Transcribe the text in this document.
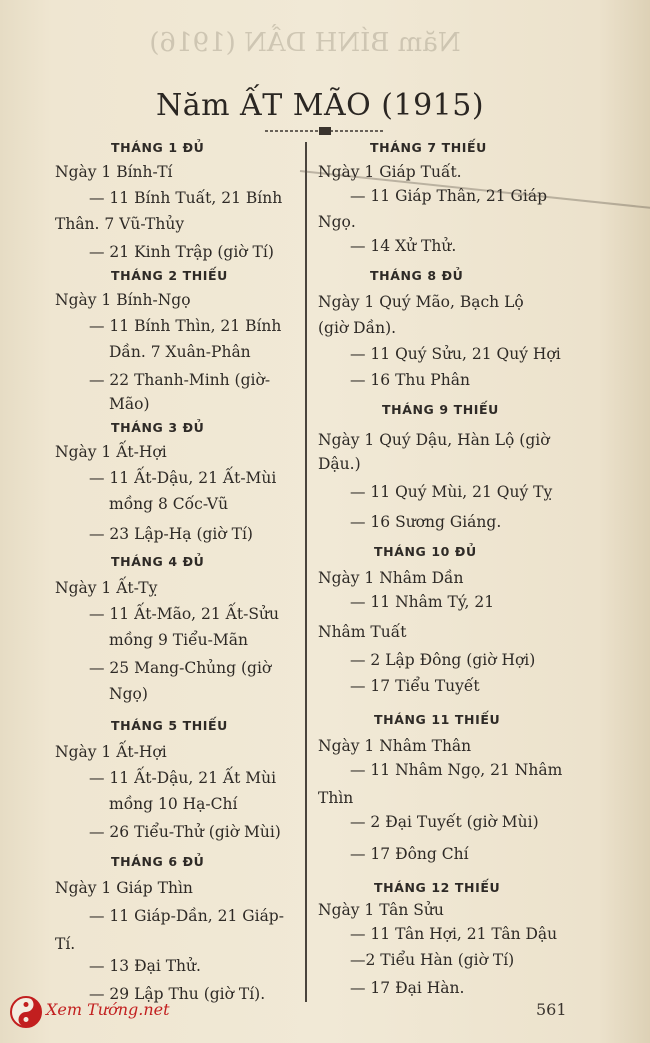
Năm BÍNH DẦN (1916)
Năm ẤT MÃO (1915)
THÁNG 1 ĐỦ
Ngày 1 Bính-Tí
— 11 Bính Tuất, 21 Bính
Thân. 7 Vũ-Thủy
— 21 Kinh Trập (giờ Tí)
THÁNG 2 THIẾU
Ngày 1 Bính-Ngọ
— 11 Bính Thìn, 21 Bính
Dần. 7 Xuân-Phân
— 22 Thanh-Minh (giờ-
Mão)
THÁNG 3 ĐỦ
Ngày 1 Ất-Hợi
— 11 Ất-Dậu, 21 Ất-Mùi
mồng 8 Cốc-Vũ
— 23 Lập-Hạ (giờ Tí)
THÁNG 4 ĐỦ
Ngày 1 Ất-Tỵ
— 11 Ất-Mão, 21 Ất-Sửu
mồng 9 Tiểu-Mãn
— 25 Mang-Chủng (giờ
Ngọ)
THÁNG 5 THIẾU
Ngày 1 Ất-Hợi
— 11 Ất-Dậu, 21 Ất Mùi
mồng 10 Hạ-Chí
— 26 Tiểu-Thử (giờ Mùi)
THÁNG 6 ĐỦ
Ngày 1 Giáp Thìn
— 11 Giáp-Dần, 21 Giáp-
Tí.
— 13 Đại Thử.
— 29 Lập Thu (giờ Tí).
THÁNG 7 THIẾU
Ngày 1 Giáp Tuất.
— 11 Giáp Thân, 21 Giáp
Ngọ.
— 14 Xử Thử.
THÁNG 8 ĐỦ
Ngày 1 Quý Mão, Bạch Lộ
(giờ Dần).
— 11 Quý Sửu, 21 Quý Hợi
— 16 Thu Phân
THÁNG 9 THIẾU
Ngày 1 Quý Dậu, Hàn Lộ (giờ
Dậu.)
— 11 Quý Mùi, 21 Quý Tỵ
— 16 Sương Giáng.
THÁNG 10 ĐỦ
Ngày 1 Nhâm Dần
— 11 Nhâm Tý, 21
Nhâm Tuất
— 2 Lập Đông (giờ Hợi)
— 17 Tiểu Tuyết
THÁNG 11 THIẾU
Ngày 1 Nhâm Thân
— 11 Nhâm Ngọ, 21 Nhâm
Thìn
— 2 Đại Tuyết (giờ Mùi)
— 17 Đông Chí
THÁNG 12 THIẾU
Ngày 1 Tân Sửu
— 11 Tân Hợi, 21 Tân Dậu
—2 Tiểu Hàn (giờ Tí)
— 17 Đại Hàn.
Xem Tướng.net	561
